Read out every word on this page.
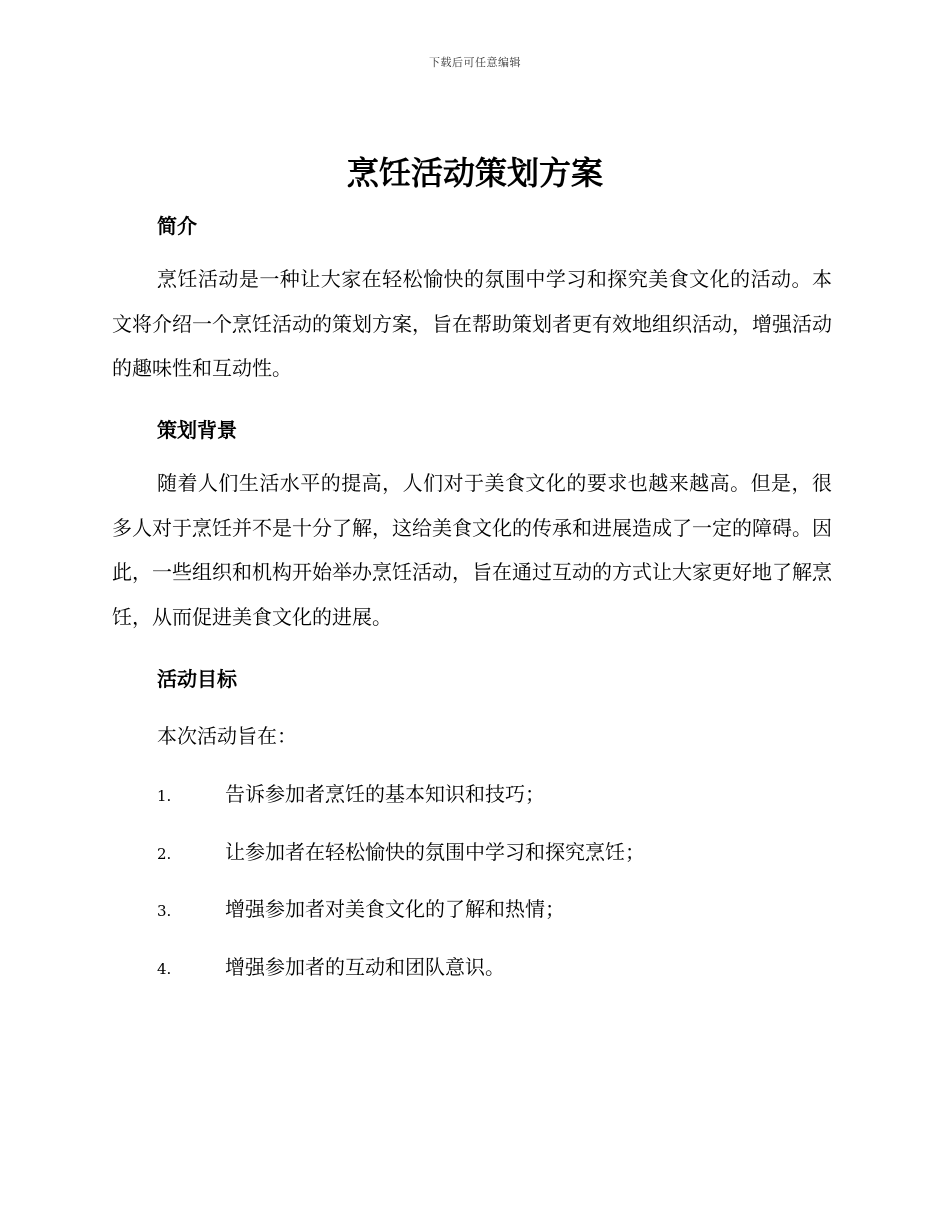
下载后可任意编辑
烹饪活动策划方案
简介

烹饪活动是一种让大家在轻松愉快的氛围中学习和探究美食文化的活动。本文将介绍一个烹饪活动的策划方案，旨在帮助策划者更有效地组织活动，增强活动的趣味性和互动性。

策划背景

随着人们生活水平的提高，人们对于美食文化的要求也越来越高。但是，很多人对于烹饪并不是十分了解，这给美食文化的传承和进展造成了一定的障碍。因此，一些组织和机构开始举办烹饪活动，旨在通过互动的方式让大家更好地了解烹饪，从而促进美食文化的进展。

活动目标

本次活动旨在：

1.	告诉参加者烹饪的基本知识和技巧；
2.	让参加者在轻松愉快的氛围中学习和探究烹饪；
3.	增强参加者对美食文化的了解和热情；
4.	增强参加者的互动和团队意识。
